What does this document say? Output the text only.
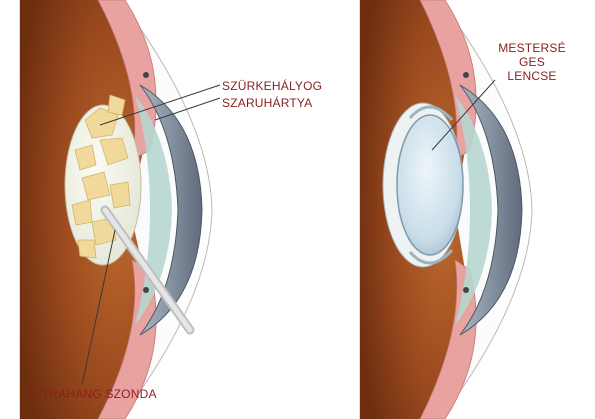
SZÜRKEHÁLYOG
SZARUHÁRTYA
ULTRAHANG SZONDA
MESTERSÉ
GES
LENCSE
